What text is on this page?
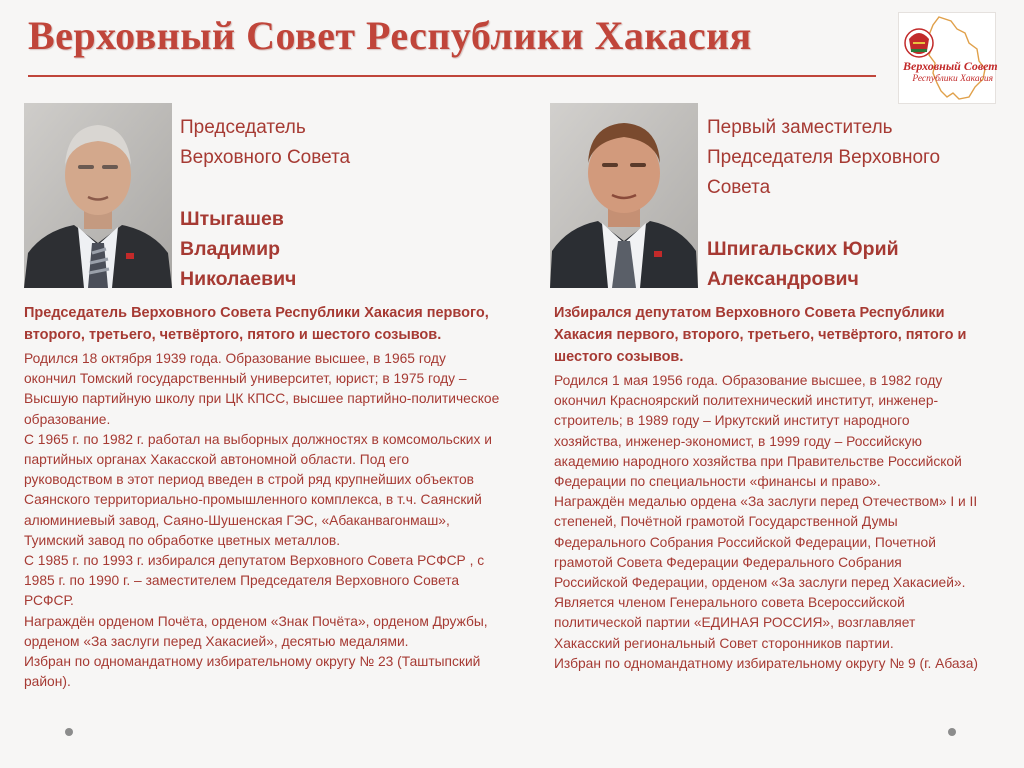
Верховный Совет Республики Хакасия
Верховный Совет
Республики Хакасия
Председатель
Верховного Совета
Штыгашев
Владимир
Николаевич

Председатель Верховного Совета Республики Хакасия первого, второго, третьего, четвёртого, пятого и шестого созывов.

Родился 18 октября 1939 года. Образование высшее, в 1965 году окончил Томский государственный университет, юрист; в 1975 году – Высшую партийную школу при ЦК КПСС, высшее партийно-политическое образование.

С 1965 г. по 1982 г. работал на выборных должностях в комсомольских и партийных органах Хакасской автономной области. Под его руководством в этот период введен в строй ряд крупнейших объектов Саянского территориально-промышленного комплекса, в т.ч. Саянский алюминиевый завод, Саяно-Шушенская ГЭС, «Абаканвагонмаш», Туимский завод по обработке цветных металлов.

С 1985 г. по 1993 г. избирался депутатом Верховного Совета РСФСР , с 1985 г. по 1990 г. – заместителем Председателя Верховного Совета РСФСР.

Награждён орденом Почёта, орденом «Знак Почёта», орденом Дружбы, орденом «За заслуги перед Хакасией», десятью медалями.

Избран по одномандатному избирательному округу № 23 (Таштыпский район).

Первый заместитель
Председателя Верховного
Совета
Шпигальских Юрий
Александрович

Избирался депутатом Верховного Совета Республики Хакасия первого, второго, третьего, четвёртого, пятого и шестого созывов.

Родился 1 мая 1956 года. Образование высшее, в 1982 году окончил Красноярский политехнический институт, инженер-строитель; в 1989 году – Иркутский институт народного хозяйства, инженер-экономист, в 1999 году – Российскую академию народного хозяйства при Правительстве Российской Федерации по специальности «финансы и право».

Награждён медалью ордена «За заслуги перед Отечеством» I и II степеней, Почётной грамотой Государственной Думы Федерального Собрания Российской Федерации, Почетной грамотой Совета Федерации Федерального Собрания Российской Федерации, орденом «За заслуги перед Хакасией».

Является членом Генерального совета Всероссийской политической партии «ЕДИНАЯ РОССИЯ», возглавляет Хакасский региональный Совет сторонников партии.

Избран по одномандатному избирательному округу № 9 (г. Абаза)
